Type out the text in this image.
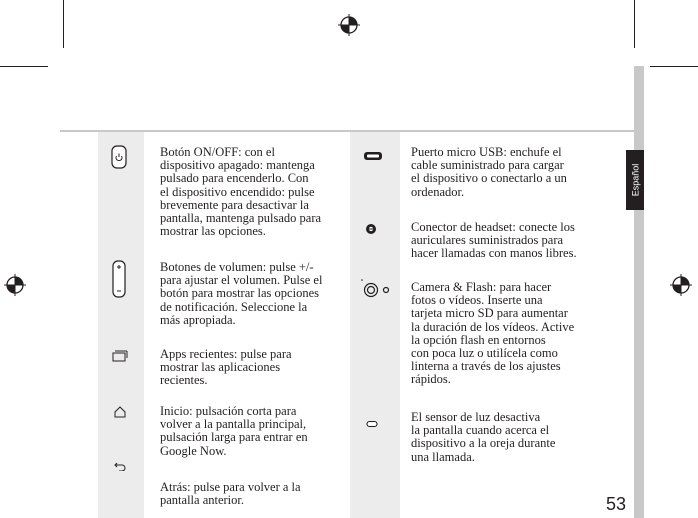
Español
Botón ON/OFF: con el
dispositivo apagado: mantenga
pulsado para encenderlo. Con
el dispositivo encendido: pulse
brevemente para desactivar la
pantalla, mantenga pulsado para
mostrar las opciones.
Botones de volumen: pulse +/-
para ajustar el volumen. Pulse el
botón para mostrar las opciones
de notificación. Seleccione la
más apropiada.
Apps recientes: pulse para
mostrar las aplicaciones
recientes.
Inicio: pulsación corta para
volver a la pantalla principal,
pulsación larga para entrar en
Google Now.
Atrás: pulse para volver a la
pantalla anterior.
Puerto micro USB: enchufe el
cable suministrado para cargar
el dispositivo o conectarlo a un
ordenador.
Conector de headset: conecte los
auriculares suministrados para
hacer llamadas con manos libres.
Camera & Flash: para hacer
fotos o vídeos. Inserte una
tarjeta micro SD para aumentar
la duración de los vídeos. Active
la opción flash en entornos
con poca luz o utilícela como
linterna a través de los ajustes
rápidos.
El sensor de luz desactiva
la pantalla cuando acerca el
dispositivo a la oreja durante
una llamada.
53
